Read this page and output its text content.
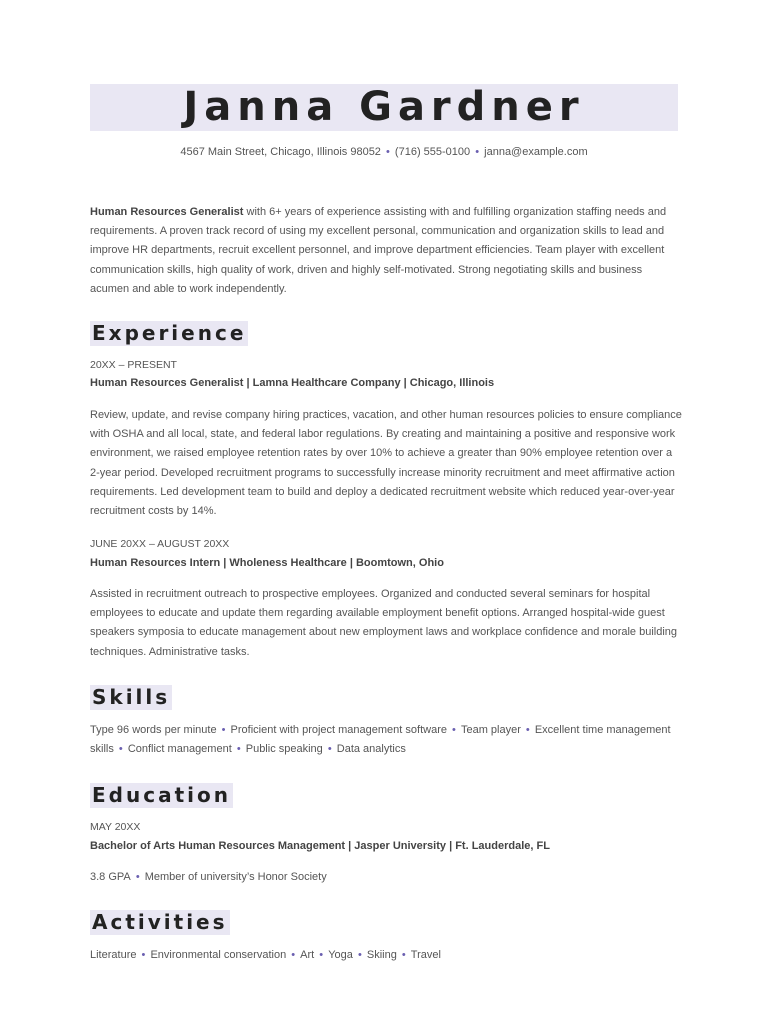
Janna Gardner
4567 Main Street, Chicago, Illinois 98052 • (716) 555-0100 • janna@example.com
Human Resources Generalist with 6+ years of experience assisting with and fulfilling organization staffing needs and requirements. A proven track record of using my excellent personal, communication and organization skills to lead and improve HR departments, recruit excellent personnel, and improve department efficiencies. Team player with excellent communication skills, high quality of work, driven and highly self-motivated. Strong negotiating skills and business acumen and able to work independently.
Experience
20XX – PRESENT
Human Resources Generalist | Lamna Healthcare Company | Chicago, Illinois
Review, update, and revise company hiring practices, vacation, and other human resources policies to ensure compliance with OSHA and all local, state, and federal labor regulations. By creating and maintaining a positive and responsive work environment, we raised employee retention rates by over 10% to achieve a greater than 90% employee retention over a 2-year period. Developed recruitment programs to successfully increase minority recruitment and meet affirmative action requirements. Led development team to build and deploy a dedicated recruitment website which reduced year-over-year recruitment costs by 14%.
JUNE 20XX – AUGUST 20XX
Human Resources Intern | Wholeness Healthcare | Boomtown, Ohio
Assisted in recruitment outreach to prospective employees. Organized and conducted several seminars for hospital employees to educate and update them regarding available employment benefit options. Arranged hospital-wide guest speakers symposia to educate management about new employment laws and workplace confidence and morale building techniques. Administrative tasks.
Skills
Type 96 words per minute • Proficient with project management software • Team player • Excellent time management skills • Conflict management • Public speaking • Data analytics
Education
MAY 20XX
Bachelor of Arts Human Resources Management | Jasper University | Ft. Lauderdale, FL
3.8 GPA • Member of university’s Honor Society
Activities
Literature • Environmental conservation • Art • Yoga • Skiing • Travel
